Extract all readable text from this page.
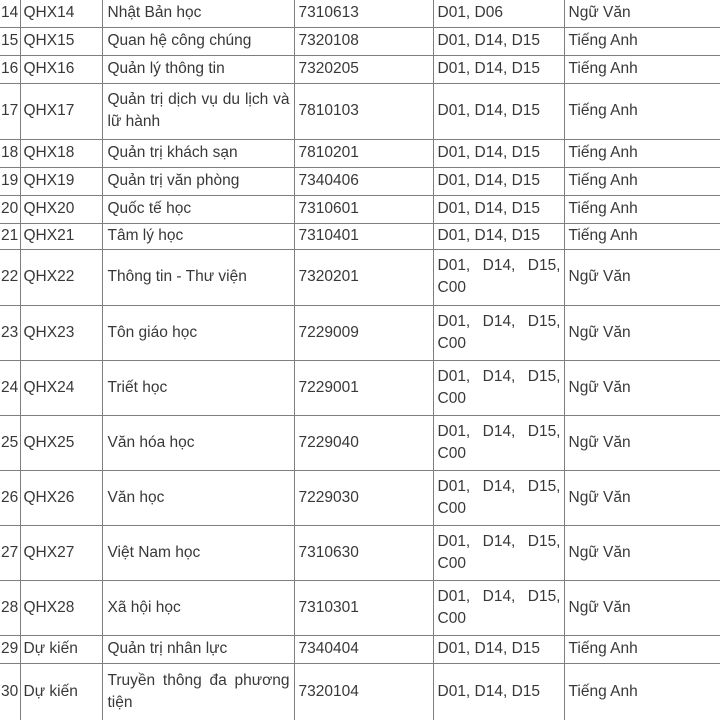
14	QHX14	Nhật Bản học	7310613	D01, D06	Ngữ Văn
15	QHX15	Quan hệ công chúng	7320108	D01, D14, D15	Tiếng Anh
16	QHX16	Quản lý thông tin	7320205	D01, D14, D15	Tiếng Anh
17	QHX17	Quản trị dịch vụ du lịch và lữ hành	7810103	D01, D14, D15	Tiếng Anh
18	QHX18	Quản trị khách sạn	7810201	D01, D14, D15	Tiếng Anh
19	QHX19	Quản trị văn phòng	7340406	D01, D14, D15	Tiếng Anh
20	QHX20	Quốc tế học	7310601	D01, D14, D15	Tiếng Anh
21	QHX21	Tâm lý học	7310401	D01, D14, D15	Tiếng Anh
22	QHX22	Thông tin - Thư viện	7320201	D01, D14, D15, C00	Ngữ Văn
23	QHX23	Tôn giáo học	7229009	D01, D14, D15, C00	Ngữ Văn
24	QHX24	Triết học	7229001	D01, D14, D15, C00	Ngữ Văn
25	QHX25	Văn hóa học	7229040	D01, D14, D15, C00	Ngữ Văn
26	QHX26	Văn học	7229030	D01, D14, D15, C00	Ngữ Văn
27	QHX27	Việt Nam học	7310630	D01, D14, D15, C00	Ngữ Văn
28	QHX28	Xã hội học	7310301	D01, D14, D15, C00	Ngữ Văn
29	Dự kiến	Quản trị nhân lực	7340404	D01, D14, D15	Tiếng Anh
30	Dự kiến	Truyền thông đa phương tiện	7320104	D01, D14, D15	Tiếng Anh
